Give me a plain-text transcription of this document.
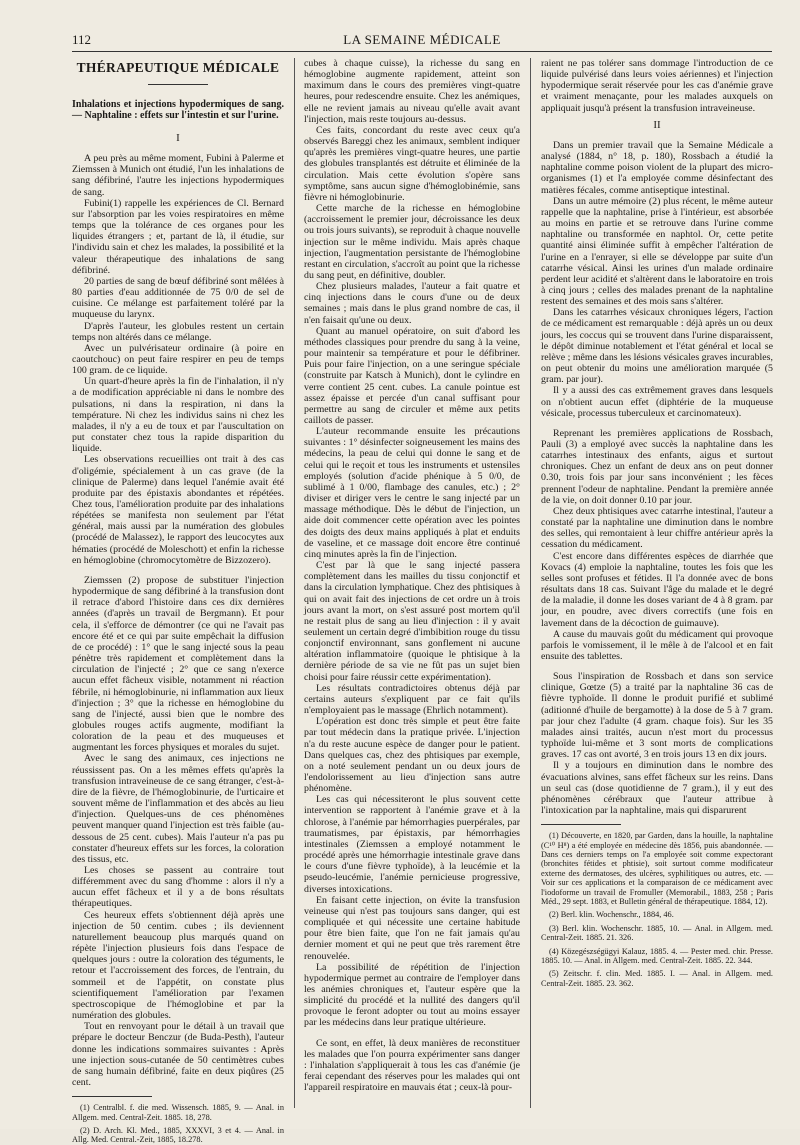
112	LA SEMAINE MÉDICALE
THÉRAPEUTIQUE MÉDICALE
Inhalations et injections hypodermiques de sang. — Naphtaline : effets sur l'intestin et sur l'urine.
I

A peu près au même moment, Fubini à Palerme et Ziemssen à Munich ont étudié, l'un les inhalations de sang défibriné, l'autre les injections hypodermiques de sang.

Fubini(1) rappelle les expériences de Cl. Bernard sur l'absorption par les voies respiratoires en même temps que la tolérance de ces organes pour les liquides étrangers ; et, partant de là, il étudie, sur l'individu sain et chez les malades, la possibilité et la valeur thérapeutique des inhalations de sang défibriné.

20 parties de sang de bœuf défibriné sont mêlées à 80 parties d'eau additionnée de 75 0/0 de sel de cuisine. Ce mélange est parfaitement toléré par la muqueuse du larynx.

D'après l'auteur, les globules restent un certain temps non altérés dans ce mélange.

Avec un pulvérisateur ordinaire (à poire en caoutchouc) on peut faire respirer en peu de temps 100 gram. de ce liquide.

Un quart-d'heure après la fin de l'inhalation, il n'y a de modification appréciable ni dans le nombre des pulsations, ni dans la respiration, ni dans la température. Ni chez les individus sains ni chez les malades, il n'y a eu de toux et par l'auscultation on put constater chez tous la rapide disparition du liquide.

Les observations recueillies ont trait à des cas d'oligémie, spécialement à un cas grave (de la clinique de Palerme) dans lequel l'anémie avait été produite par des épistaxis abondantes et répétées. Chez tous, l'amélioration produite par des inhalations répétées se manifesta non seulement par l'état général, mais aussi par la numération des globules (procédé de Malassez), le rapport des leucocytes aux hématies (procédé de Moleschott) et enfin la richesse en hémoglobine (chromocytomètre de Bizzozero).

Ziemssen (2) propose de substituer l'injection hypodermique de sang défibriné à la transfusion dont il retrace d'abord l'histoire dans ces dix dernières années (d'après un travail de Bergmann). Et pour cela, il s'efforce de démontrer (ce qui ne l'avait pas encore été et ce qui par suite empêchait la diffusion de ce procédé) : 1° que le sang injecté sous la peau pénètre très rapidement et complètement dans la circulation de l'injecté ; 2° que ce sang n'exerce aucun effet fâcheux visible, notamment ni réaction fébrile, ni hémoglobinurie, ni inflammation aux lieux d'injection ; 3° que la richesse en hémoglobine du sang de l'injecté, aussi bien que le nombre des globules rouges actifs augmente, modifiant la coloration de la peau et des muqueuses et augmentant les forces physiques et morales du sujet.

Avec le sang des animaux, ces injections ne réussissent pas. On a les mêmes effets qu'après la transfusion intraveineuse de ce sang étranger, c'est-à-dire de la fièvre, de l'hémoglobinurie, de l'urticaire et souvent même de l'inflammation et des abcès au lieu d'injection. Quelques-uns de ces phénomènes peuvent manquer quand l'injection est très faible (au-dessous de 25 cent. cubes). Mais l'auteur n'a pas pu constater d'heureux effets sur les forces, la coloration des tissus, etc.

Les choses se passent au contraire tout différemment avec du sang d'homme : alors il n'y a aucun effet fâcheux et il y a de bons résultats thérapeutiques.

Ces heureux effets s'obtiennent déjà après une injection de 50 centim. cubes ; ils deviennent naturellement beaucoup plus marqués quand on répète l'injection plusieurs fois dans l'espace de quelques jours : outre la coloration des téguments, le retour et l'accroissement des forces, de l'entrain, du sommeil et de l'appétit, on constate plus scientifiquement l'amélioration par l'examen spectroscopique de l'hémoglobine et par la numération des globules.

Tout en renvoyant pour le détail à un travail que prépare le docteur Benczur (de Buda-Pesth), l'auteur donne les indications sommaires suivantes : Après une injection sous-cutanée de 50 centimètres cubes de sang humain défibriné, faite en deux piqûres (25 cent.

(1) Centralbl. f. die med. Wissensch. 1885, 9. — Anal. in Allgem. med. Central-Zeit. 1885. 18, 278.
(2) D. Arch. Kl. Med., 1885, XXXVI, 3 et 4. — Anal. in Allg. Med. Central.-Zeit, 1885, 18.278.

cubes à chaque cuisse), la richesse du sang en hémoglobine augmente rapidement, atteint son maximum dans le cours des premières vingt-quatre heures, pour redescendre ensuite. Chez les anémiques, elle ne revient jamais au niveau qu'elle avait avant l'injection, mais reste toujours au-dessus.

Ces faits, concordant du reste avec ceux qu'a observés Bareggi chez les animaux, semblent indiquer qu'après les premières vingt-quatre heures, une partie des globules transplantés est détruite et éliminée de la circulation. Mais cette évolution s'opère sans symptôme, sans aucun signe d'hémoglobinémie, sans fièvre ni hémoglobinurie.

Cette marche de la richesse en hémoglobine (accroissement le premier jour, décroissance les deux ou trois jours suivants), se reproduit à chaque nouvelle injection sur le même individu. Mais après chaque injection, l'augmentation persistante de l'hémoglobine restant en circulation, s'accroît au point que la richesse du sang peut, en définitive, doubler.

Chez plusieurs malades, l'auteur a fait quatre et cinq injections dans le cours d'une ou de deux semaines ; mais dans le plus grand nombre de cas, il n'en faisait qu'une ou deux.

Quant au manuel opératoire, on suit d'abord les méthodes classiques pour prendre du sang à la veine, pour maintenir sa température et pour le défibriner. Puis pour faire l'injection, on a une seringue spéciale (construite par Katsch à Munich), dont le cylindre en verre contient 25 cent. cubes. La canule pointue est assez épaisse et percée d'un canal suffisant pour permettre au sang de circuler et même aux petits caillots de passer.

L'auteur recommande ensuite les précautions suivantes : 1° désinfecter soigneusement les mains des médecins, la peau de celui qui donne le sang et de celui qui le reçoit et tous les instruments et ustensiles employés (solution d'acide phénique à 5 0/0, de sublimé à 1 0/00, flambage des canules, etc.) ; 2° diviser et diriger vers le centre le sang injecté par un massage méthodique. Dès le début de l'injection, un aide doit commencer cette opération avec les pointes des doigts des deux mains appliqués à plat et enduits de vaseline, et ce massage doit encore être continué cinq minutes après la fin de l'injection.

C'est par là que le sang injecté passera complètement dans les mailles du tissu conjonctif et dans la circulation lymphatique. Chez des phtisiques à qui on avait fait des injections de cet ordre un à trois jours avant la mort, on s'est assuré post mortem qu'il ne restait plus de sang au lieu d'injection : il y avait seulement un certain degré d'imbibition rouge du tissu conjonctif environnant, sans gonflement ni aucune altération inflammatoire (quoique le phtisique à la dernière période de sa vie ne fût pas un sujet bien choisi pour faire réussir cette expérimentation).

Les résultats contradictoires obtenus déjà par certains auteurs s'expliquent par ce fait qu'ils n'employaient pas le massage (Ehrlich notamment).

L'opération est donc très simple et peut être faite par tout médecin dans la pratique privée. L'injection n'a du reste aucune espèce de danger pour le patient. Dans quelques cas, chez des phtisiques par exemple, on a noté seulement pendant un ou deux jours de l'endolorissement au lieu d'injection sans autre phénomène.

Les cas qui nécessiteront le plus souvent cette intervention se rapportent à l'anémie grave et à la chlorose, à l'anémie par hémorrhagies puerpérales, par traumatismes, par épistaxis, par hémorrhagies intestinales (Ziemssen a employé notamment le procédé après une hémorrhagie intestinale grave dans le cours d'une fièvre typhoïde), à la leucémie et la pseudo-leucémie, l'anémie pernicieuse progressive, diverses intoxications.

En faisant cette injection, on évite la transfusion veineuse qui n'est pas toujours sans danger, qui est compliquée et qui nécessite une certaine habitude pour être bien faite, que l'on ne fait jamais qu'au dernier moment et qui ne peut que très rarement être renouvelée.

La possibilité de répétition de l'injection hypodermique permet au contraire de l'employer dans les anémies chroniques et, l'auteur espère que la simplicité du procédé et la nullité des dangers qu'il provoque le feront adopter ou tout au moins essayer par les médecins dans leur pratique ultérieure.

Ce sont, en effet, là deux manières de reconstituer les malades que l'on pourra expérimenter sans danger : l'inhalation s'appliquerait à tous les cas d'anémie (je ferai cependant des réserves pour les malades qui ont l'appareil respiratoire en mauvais état ; ceux-là pour-

raient ne pas tolérer sans dommage l'introduction de ce liquide pulvérisé dans leurs voies aériennes) et l'injection hypodermique serait réservée pour les cas d'anémie grave et vraiment menaçante, pour les malades auxquels on appliquait jusqu'à présent la transfusion intraveineuse.

II

Dans un premier travail que la Semaine Médicale a analysé (1884, n° 18, p. 180), Rossbach a étudié la naphtaline comme poison violent de la plupart des micro-organismes (1) et l'a employée comme désinfectant des matières fécales, comme antiseptique intestinal.

Dans un autre mémoire (2) plus récent, le même auteur rappelle que la naphtaline, prise à l'intérieur, est absorbée au moins en partie et se retrouve dans l'urine comme naphtaline ou transformée en naphtol. Or, cette petite quantité ainsi éliminée suffit à empêcher l'altération de l'urine en a l'enrayer, si elle se développe par suite d'un catarrhe vésical. Ainsi les urines d'un malade ordinaire perdent leur acidité et s'altèrent dans le laboratoire en trois à cinq jours ; celles des malades prenant de la naphtaline restent des semaines et des mois sans s'altérer.

Dans les catarrhes vésicaux chroniques légers, l'action de ce médicament est remarquable : déjà après un ou deux jours, les coccus qui se trouvent dans l'urine disparaissent, le dépôt diminue notablement et l'état général et local se relève ; même dans les lésions vésicales graves incurables, on peut obtenir du moins une amélioration marquée (5 gram. par jour).

Il y a aussi des cas extrêmement graves dans lesquels on n'obtient aucun effet (diphtérie de la muqueuse vésicale, processus tuberculeux et carcinomateux).

Reprenant les premières applications de Rossbach, Pauli (3) a employé avec succès la naphtaline dans les catarrhes intestinaux des enfants, aigus et surtout chroniques. Chez un enfant de deux ans on peut donner 0.30, trois fois par jour sans inconvénient ; les fèces prennent l'odeur de naphtaline. Pendant la première année de la vie, on doit donner 0.10 par jour.

Chez deux phtisiques avec catarrhe intestinal, l'auteur a constaté par la naphtaline une diminution dans le nombre des selles, qui remontaient à leur chiffre antérieur après la cessation du médicament.

C'est encore dans différentes espèces de diarrhée que Kovacs (4) emploie la naphtaline, toutes les fois que les selles sont profuses et fétides. Il l'a donnée avec de bons résultats dans 18 cas. Suivant l'âge du malade et le degré de la maladie, il donne les doses variant de 4 à 8 gram. par jour, en poudre, avec divers correctifs (une fois en lavement dans de la décoction de guimauve).

A cause du mauvais goût du médicament qui provoque parfois le vomissement, il le mêle à de l'alcool et en fait ensuite des tablettes.

Sous l'inspiration de Rossbach et dans son service clinique, Gœtze (5) a traité par la naphtaline 36 cas de fièvre typhoïde. Il donne le produit purifié et sublimé (aditionné d'huile de bergamotte) à la dose de 5 à 7 gram. par jour chez l'adulte (4 gram. chaque fois). Sur les 35 malades ainsi traités, aucun n'est mort du processus typhoïde lui-même et 3 sont morts de complications graves. 17 cas ont avorté, 3 en trois jours 13 en dix jours.

Il y a toujours en diminution dans le nombre des évacuations alvines, sans effet fâcheux sur les reins. Dans un seul cas (dose quotidienne de 7 gram.), il y eut des phénomènes cérébraux que l'auteur attribue à l'intoxication par la naphtaline, mais qui disparurent

(1) Découverte, en 1820, par Garden, dans la houille, la naphtaline (C¹⁰ H⁸) a été employée en médecine dès 1856, puis abandonnée. — Dans ces derniers temps on l'a employée soit comme expectorant (bronchites fétides et phtisie), soit surtout comme modificateur externe des dermatoses, des ulcères, syphilitiques ou autres, etc. — Voir sur ces applications et la comparaison de ce médicament avec l'iodoforme un travail de Fromuller (Memorabil., 1883, 258 ; Paris Méd., 29 sept. 1883, et Bulletin général de thérapeutique. 1884, 12).
(2) Berl. klin. Wochenschr., 1884, 46.
(3) Berl. klin. Wochenschr. 1885, 10. — Anal. in Allgem. med. Central-Zeit. 1885. 21. 326.
(4) Közegészségügyi Kalauz, 1885. 4. — Pester med. chir. Presse. 1885. 10. — Anal. in Allgem. med. Central-Zeit. 1885. 22. 344.
(5) Zeitschr. f. clin. Med. 1885. I. — Anal. in Allgem. med. Central-Zeit. 1885. 23. 362.
